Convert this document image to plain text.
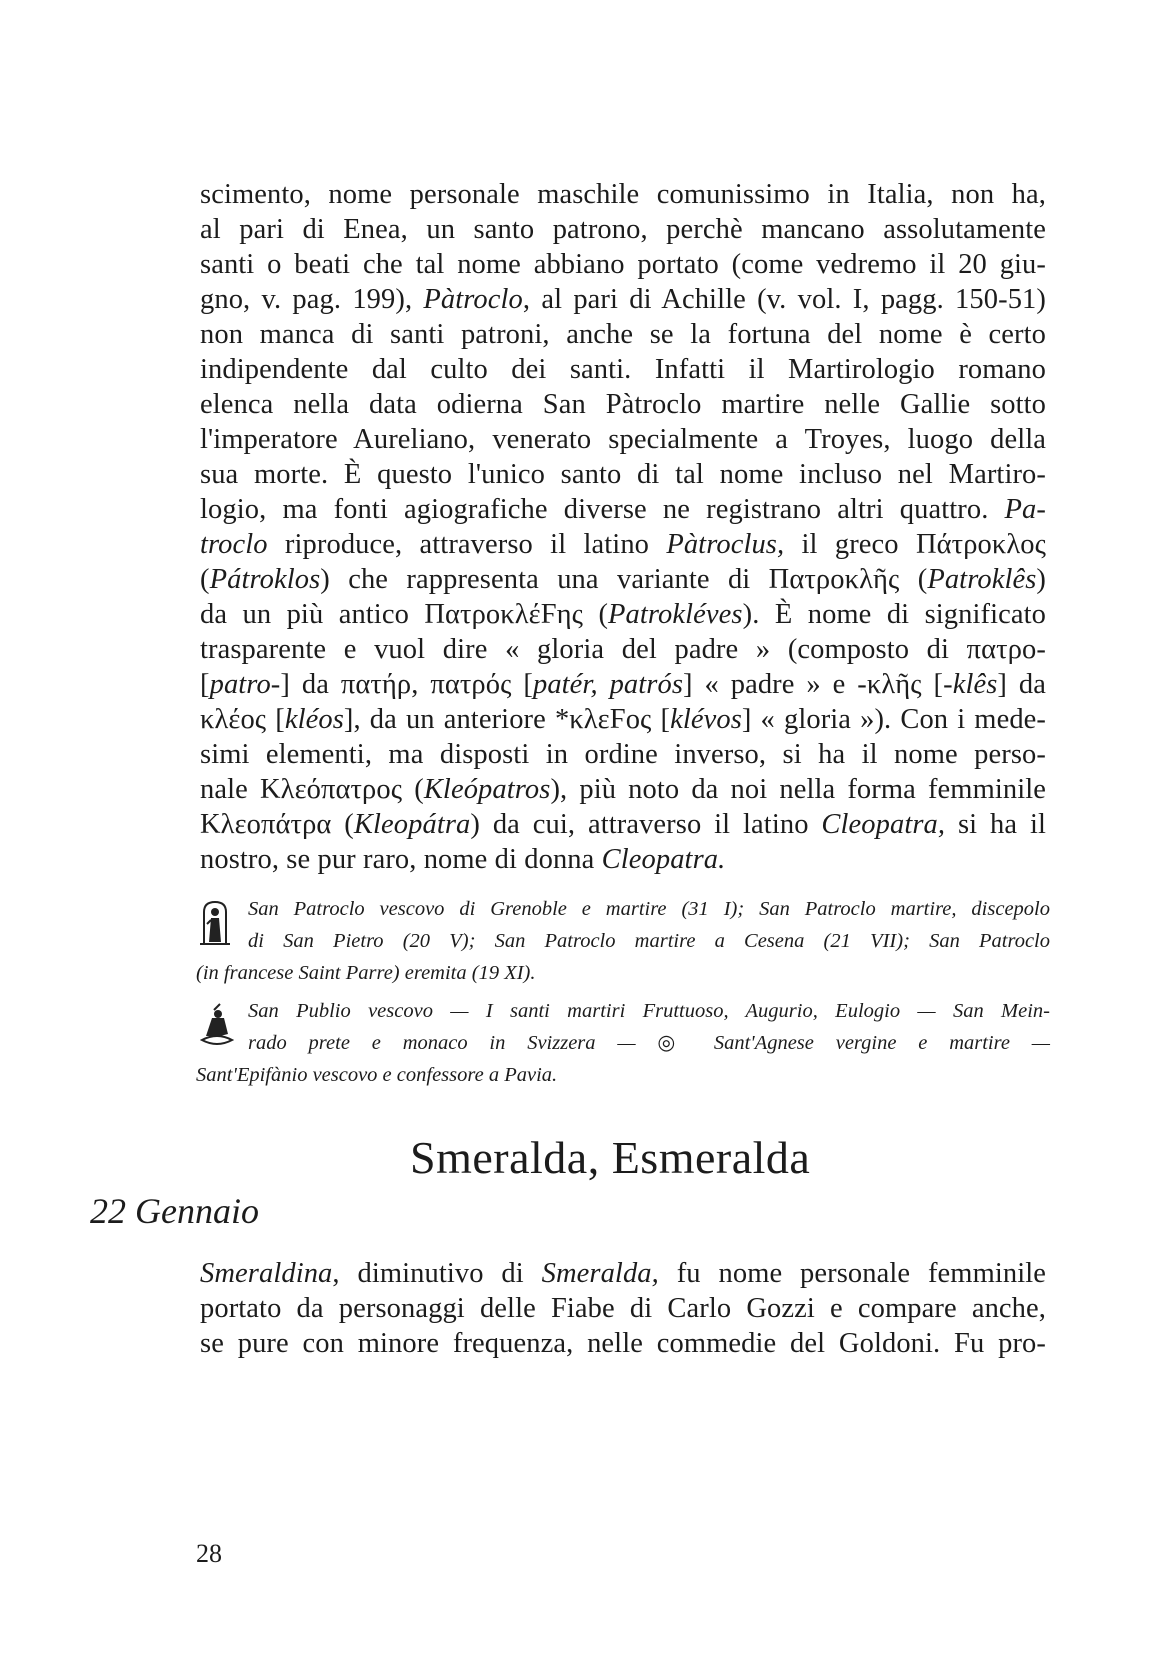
scimento, nome personale maschile comunissimo in Italia, non ha,
al pari di Enea, un santo patrono, perchè mancano assolutamente
santi o beati che tal nome abbiano portato (come vedremo il 20 giu-
gno, v. pag. 199), Pàtroclo, al pari di Achille (v. vol. I, pagg. 150-51)
non manca di santi patroni, anche se la fortuna del nome è certo
indipendente dal culto dei santi. Infatti il Martirologio romano
elenca nella data odierna San Pàtroclo martire nelle Gallie sotto
l'imperatore Aureliano, venerato specialmente a Troyes, luogo della
sua morte. È questo l'unico santo di tal nome incluso nel Martiro-
logio, ma fonti agiografiche diverse ne registrano altri quattro. Pa-
troclo riproduce, attraverso il latino Pàtroclus, il greco Πάτροκλος
(Pátroklos) che rappresenta una variante di Πατροκλῆς (Patroklês)
da un più antico ΠατροκλέϜης (Patrokléves). È nome di significato
trasparente e vuol dire « gloria del padre » (composto di πατρο-
[patro-] da πατήρ, πατρός [patér, patrós] « padre » e -κλῆς [-klês] da
κλέος [kléos], da un anteriore *κλεϜος [klévos] « gloria »). Con i mede-
simi elementi, ma disposti in ordine inverso, si ha il nome perso-
nale Κλεόπατρος (Kleópatros), più noto da noi nella forma femminile
Κλεοπάτρα (Kleopátra) da cui, attraverso il latino Cleopatra, si ha il
nostro, se pur raro, nome di donna Cleopatra.
San Patroclo vescovo di Grenoble e martire (31 I); San Patroclo martire, discepolo
di San Pietro (20 V); San Patroclo martire a Cesena (21 VII); San Patroclo
(in francese Saint Parre) eremita (19 XI).
San Publio vescovo — I santi martiri Fruttuoso, Augurio, Eulogio — San Mein-
rado prete e monaco in Svizzera — ◎ Sant'Agnese vergine e martire —
Sant'Epifànio vescovo e confessore a Pavia.
Smeralda, Esmeralda
22 Gennaio
Smeraldina, diminutivo di Smeralda, fu nome personale femminile
portato da personaggi delle Fiabe di Carlo Gozzi e compare anche,
se pure con minore frequenza, nelle commedie del Goldoni. Fu pro-
28
